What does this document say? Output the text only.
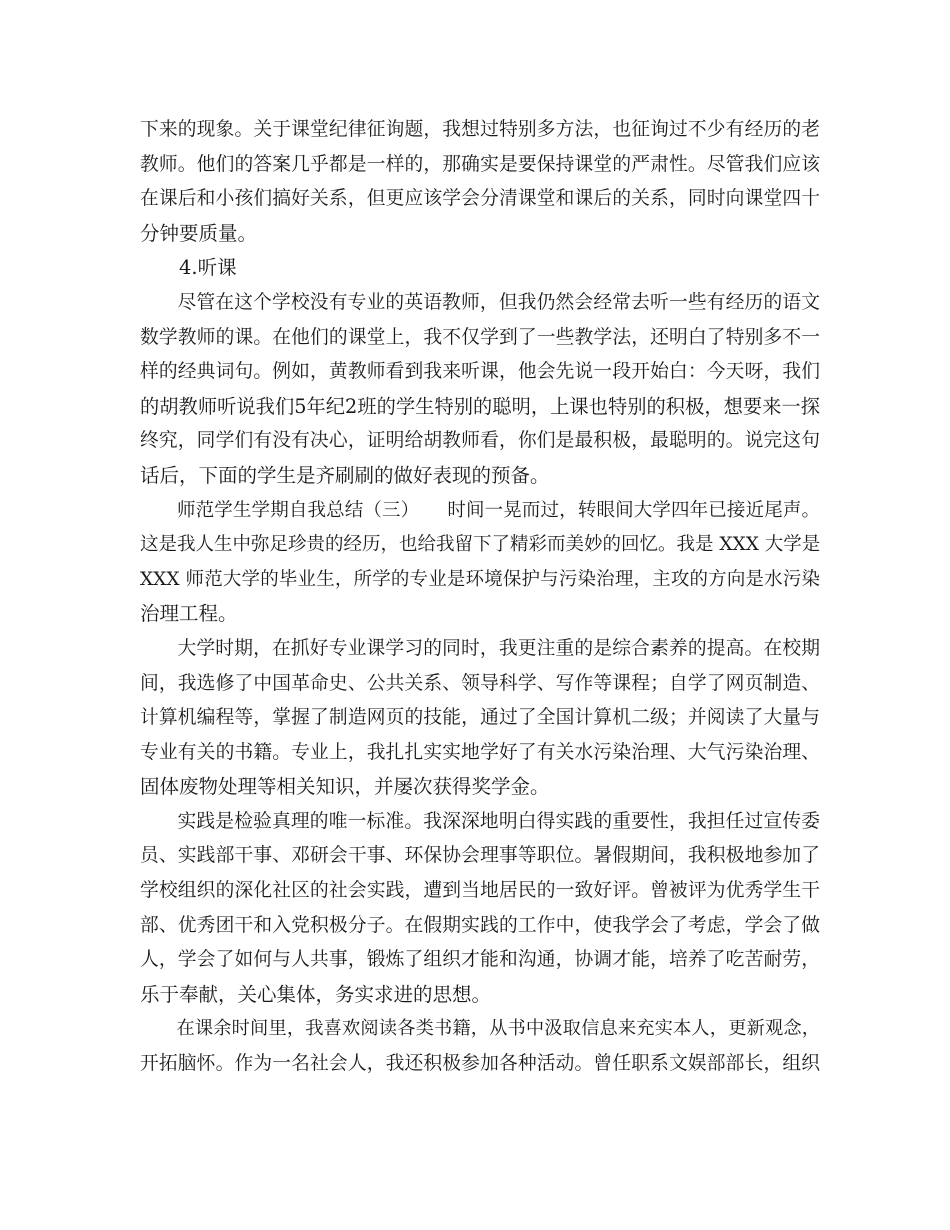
下来的现象。关于课堂纪律征询题，我想过特别多方法，也征询过不少有经历的老
教师。他们的答案几乎都是一样的，那确实是要保持课堂的严肃性。尽管我们应该
在课后和小孩们搞好关系，但更应该学会分清课堂和课后的关系，同时向课堂四十
分钟要质量。

4.听课

尽管在这个学校没有专业的英语教师，但我仍然会经常去听一些有经历的语文
数学教师的课。在他们的课堂上，我不仅学到了一些教学法，还明白了特别多不一
样的经典词句。例如，黄教师看到我来听课，他会先说一段开始白：今天呀，我们
的胡教师听说我们5年纪2班的学生特别的聪明，上课也特别的积极，想要来一探
终究，同学们有没有决心，证明给胡教师看，你们是最积极，最聪明的。说完这句
话后，下面的学生是齐刷刷的做好表现的预备。

师范学生学期自我总结（三）　　时间一晃而过，转眼间大学四年已接近尾声。
这是我人生中弥足珍贵的经历，也给我留下了精彩而美妙的回忆。我是 XXX 大学是
XXX 师范大学的毕业生，所学的专业是环境保护与污染治理，主攻的方向是水污染
治理工程。

大学时期，在抓好专业课学习的同时，我更注重的是综合素养的提高。在校期
间，我选修了中国革命史、公共关系、领导科学、写作等课程；自学了网页制造、
计算机编程等，掌握了制造网页的技能，通过了全国计算机二级；并阅读了大量与
专业有关的书籍。专业上，我扎扎实实地学好了有关水污染治理、大气污染治理、
固体废物处理等相关知识，并屡次获得奖学金。

实践是检验真理的唯一标准。我深深地明白得实践的重要性，我担任过宣传委
员、实践部干事、邓研会干事、环保协会理事等职位。暑假期间，我积极地参加了
学校组织的深化社区的社会实践，遭到当地居民的一致好评。曾被评为优秀学生干
部、优秀团干和入党积极分子。在假期实践的工作中，使我学会了考虑，学会了做
人，学会了如何与人共事，锻炼了组织才能和沟通，协调才能，培养了吃苦耐劳，
乐于奉献，关心集体，务实求进的思想。

在课余时间里，我喜欢阅读各类书籍，从书中汲取信息来充实本人，更新观念，
开拓脑怀。作为一名社会人，我还积极参加各种活动。曾任职系文娱部部长，组织
